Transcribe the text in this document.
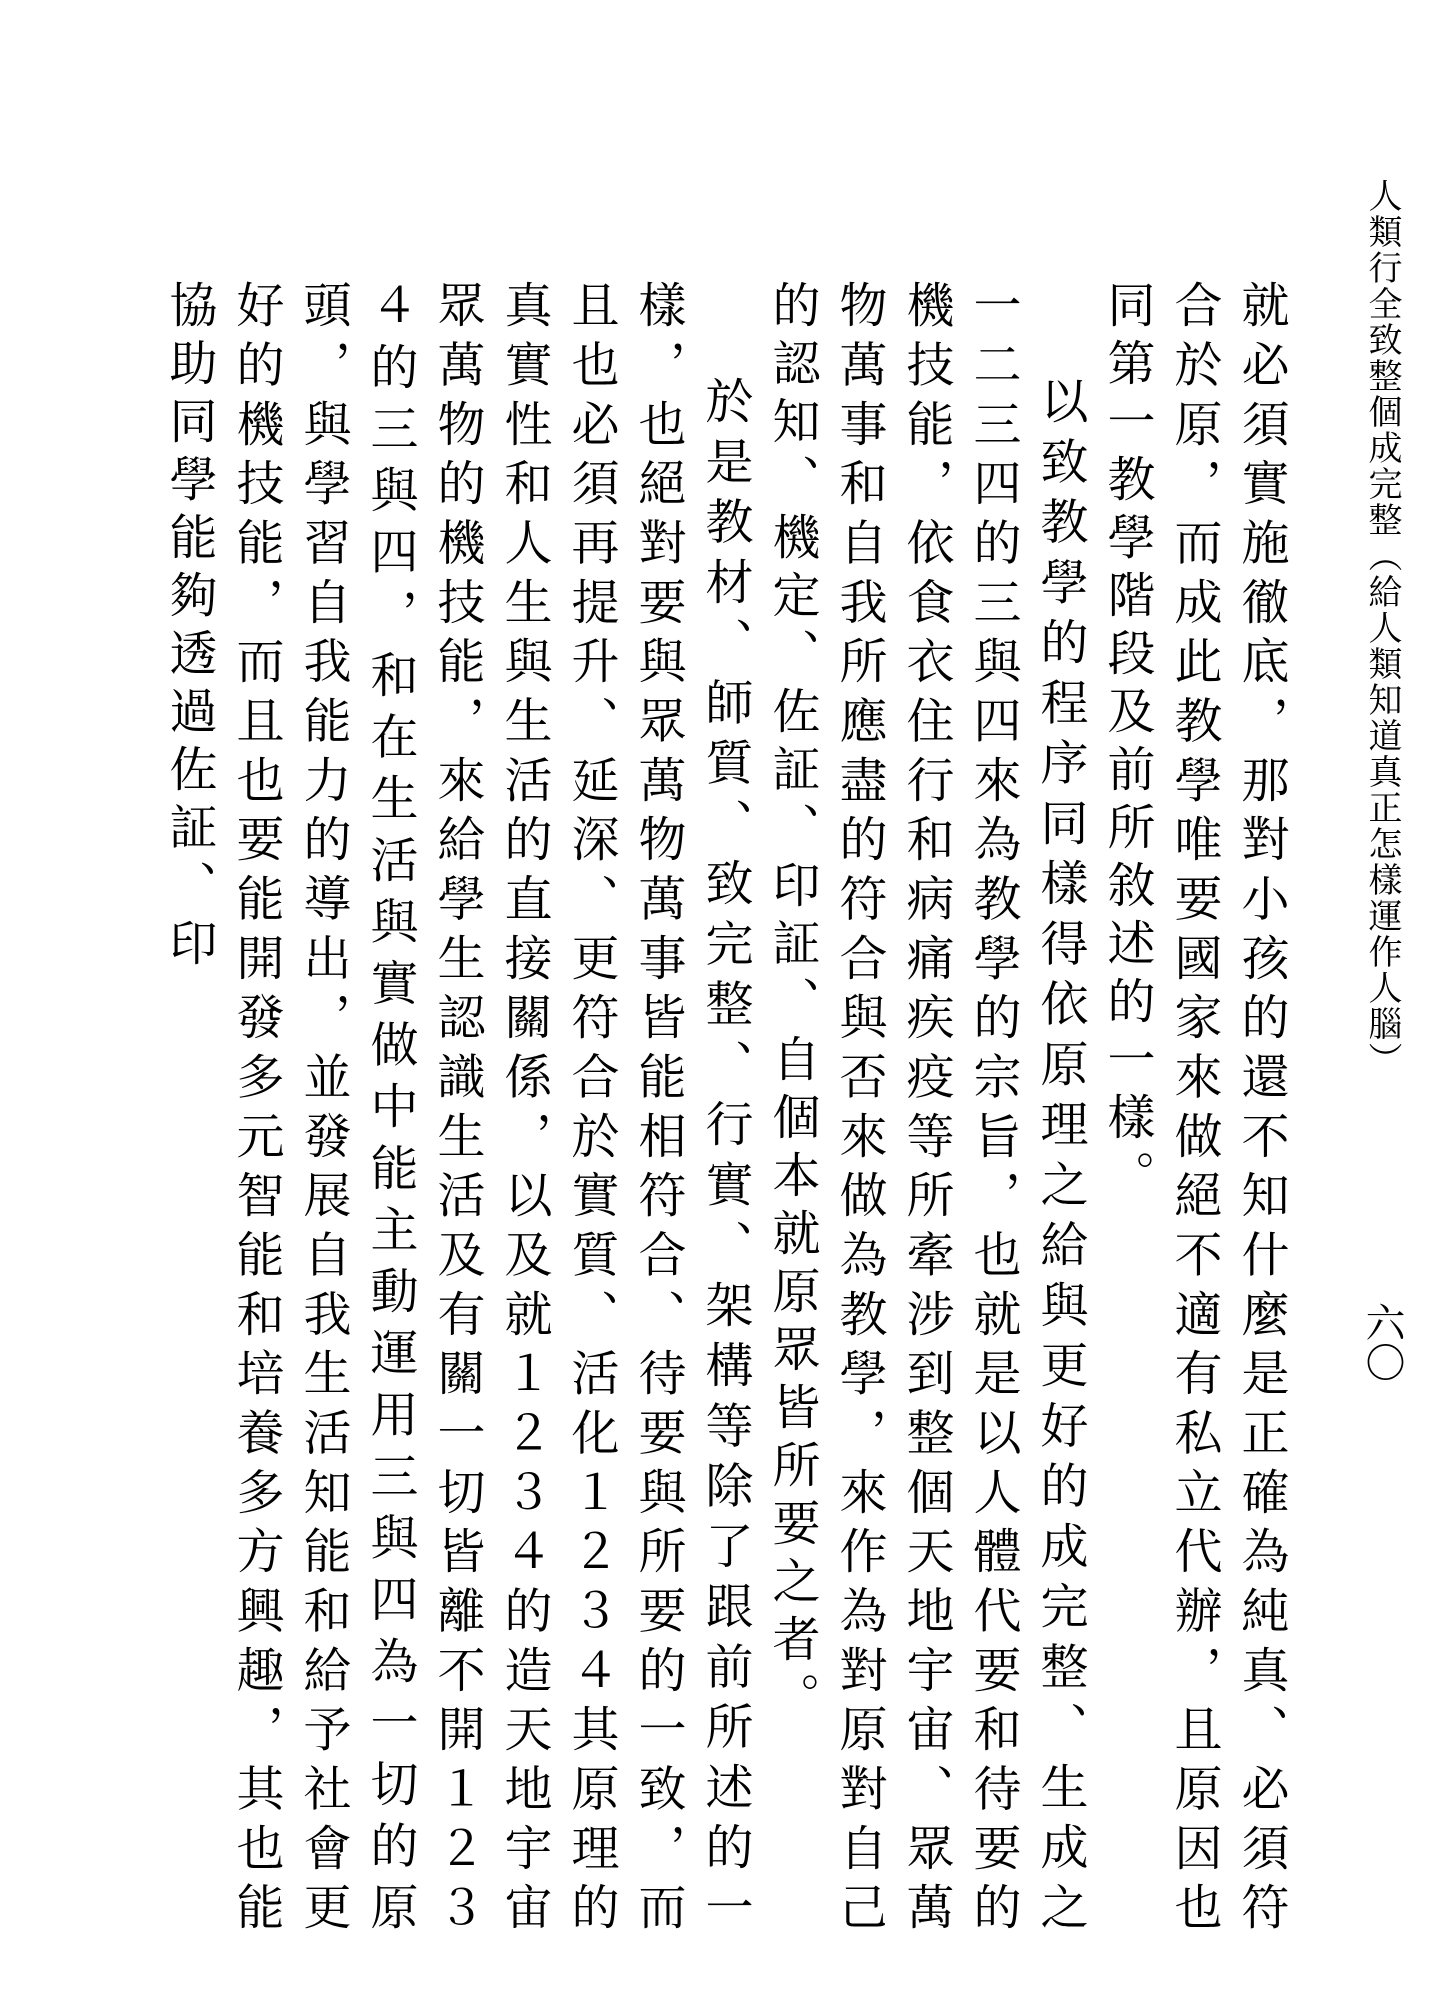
人類行全致整個成完整（給人類知道真正怎樣運作人腦）
六〇

就必須實施徹底，那對小孩的還不知什麼是正確為純真、必須符合於原，而成此教學唯要國家來做絕不適有私立代辦，且原因也同第一教學階段及前所敘述的一樣。

以致教學的程序同樣得依原理之給與更好的成完整、生成之一二三四的三與四來為教學的宗旨，也就是以人體代要和待要的機技能，依食衣住行和病痛疾疫等所牽涉到整個天地宇宙、眾萬物萬事和自我所應盡的符合與否來做為教學，來作為對原對自己的認知、機定、佐証、印証、自個本就原眾皆所要之者。

於是教材、師質、致完整、行實、架構等除了跟前所述的一樣，也絕對要與眾萬物萬事皆能相符合、待要與所要的一致，而且也必須再提升、延深、更符合於實質、活化１２３４其原理的真實性和人生與生活的直接關係，以及就１２３４的造天地宇宙眾萬物的機技能，來給學生認識生活及有關一切皆離不開１２３４的三與四，和在生活與實做中能主動運用三與四為一切的原頭，與學習自我能力的導出，並發展自我生活知能和給予社會更好的機技能，而且也要能開發多元智能和培養多方興趣，其也能協助同學能夠透過佐証、印
